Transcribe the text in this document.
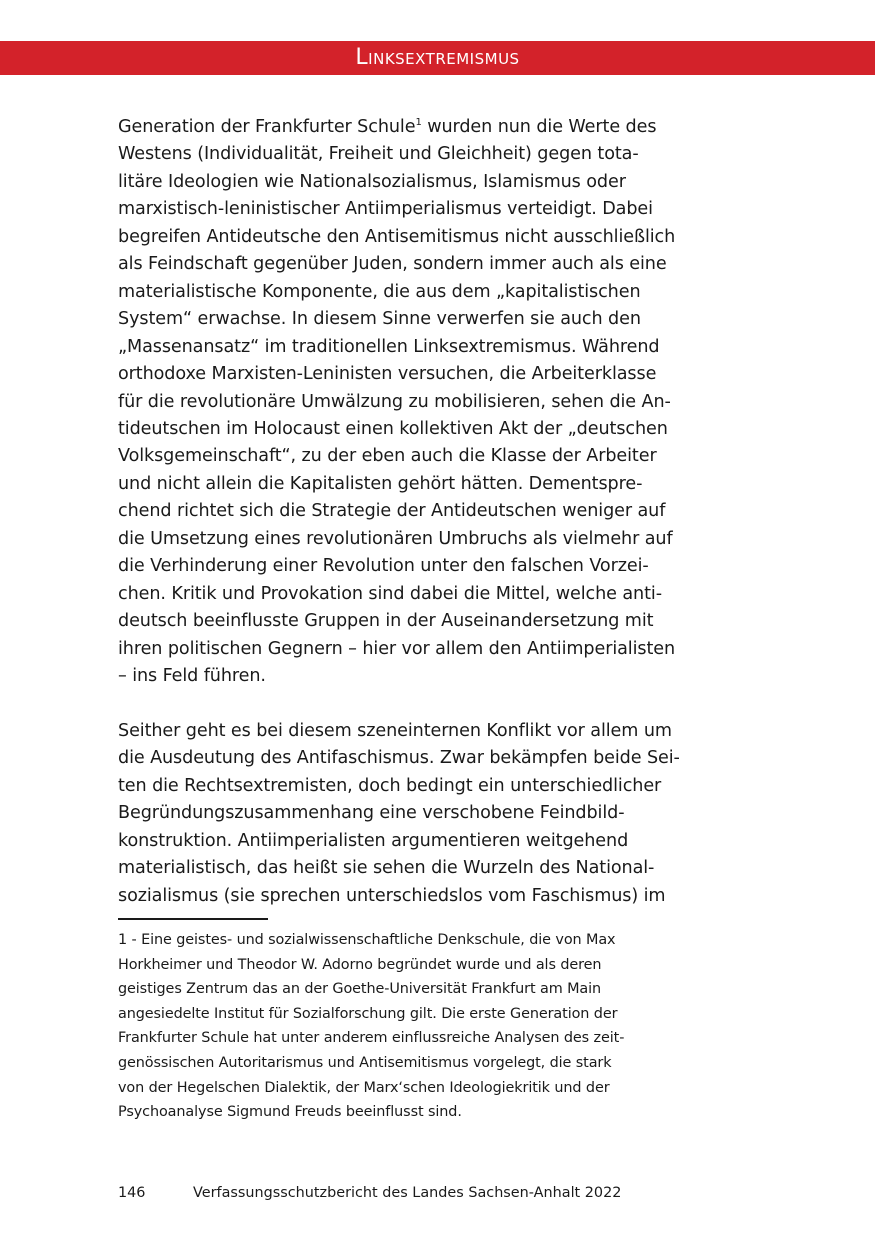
Linksextremismus
Generation der Frankfurter Schule$^1$ wurden nun die Werte des
Westens (Individualität, Freiheit und Gleichheit) gegen tota-
litäre Ideologien wie Nationalsozialismus, Islamismus oder
marxistisch-leninistischer Antiimperialismus verteidigt. Dabei
begreifen Antideutsche den Antisemitismus nicht ausschließlich
als Feindschaft gegenüber Juden, sondern immer auch als eine
materialistische Komponente, die aus dem „kapitalistischen
System“ erwachse. In diesem Sinne verwerfen sie auch den
„Massenansatz“ im traditionellen Linksextremismus. Während
orthodoxe Marxisten-Leninisten versuchen, die Arbeiterklasse
für die revolutionäre Umwälzung zu mobilisieren, sehen die An-
tideutschen im Holocaust einen kollektiven Akt der „deutschen
Volksgemeinschaft“, zu der eben auch die Klasse der Arbeiter
und nicht allein die Kapitalisten gehört hätten. Dementspre-
chend richtet sich die Strategie der Antideutschen weniger auf
die Umsetzung eines revolutionären Umbruchs als vielmehr auf
die Verhinderung einer Revolution unter den falschen Vorzei-
chen. Kritik und Provokation sind dabei die Mittel, welche anti-
deutsch beeinflusste Gruppen in der Auseinandersetzung mit
ihren politischen Gegnern – hier vor allem den Antiimperialisten
– ins Feld führen.
Seither geht es bei diesem szeneinternen Konflikt vor allem um
die Ausdeutung des Antifaschismus. Zwar bekämpfen beide Sei-
ten die Rechtsextremisten, doch bedingt ein unterschiedlicher
Begründungszusammenhang eine verschobene Feindbild-
konstruktion. Antiimperialisten argumentieren weitgehend
materialistisch, das heißt sie sehen die Wurzeln des National-
sozialismus (sie sprechen unterschiedslos vom Faschismus) im
1 - Eine geistes- und sozialwissenschaftliche Denkschule, die von Max
Horkheimer und Theodor W. Adorno begründet wurde und als deren
geistiges Zentrum das an der Goethe-Universität Frankfurt am Main
angesiedelte Institut für Sozialforschung gilt. Die erste Generation der
Frankfurter Schule hat unter anderem einflussreiche Analysen des zeit-
genössischen Autoritarismus und Antisemitismus vorgelegt, die stark
von der Hegelschen Dialektik, der Marx‘schen Ideologiekritik und der
Psychoanalyse Sigmund Freuds beeinflusst sind.
146	Verfassungsschutzbericht des Landes Sachsen-Anhalt 2022
